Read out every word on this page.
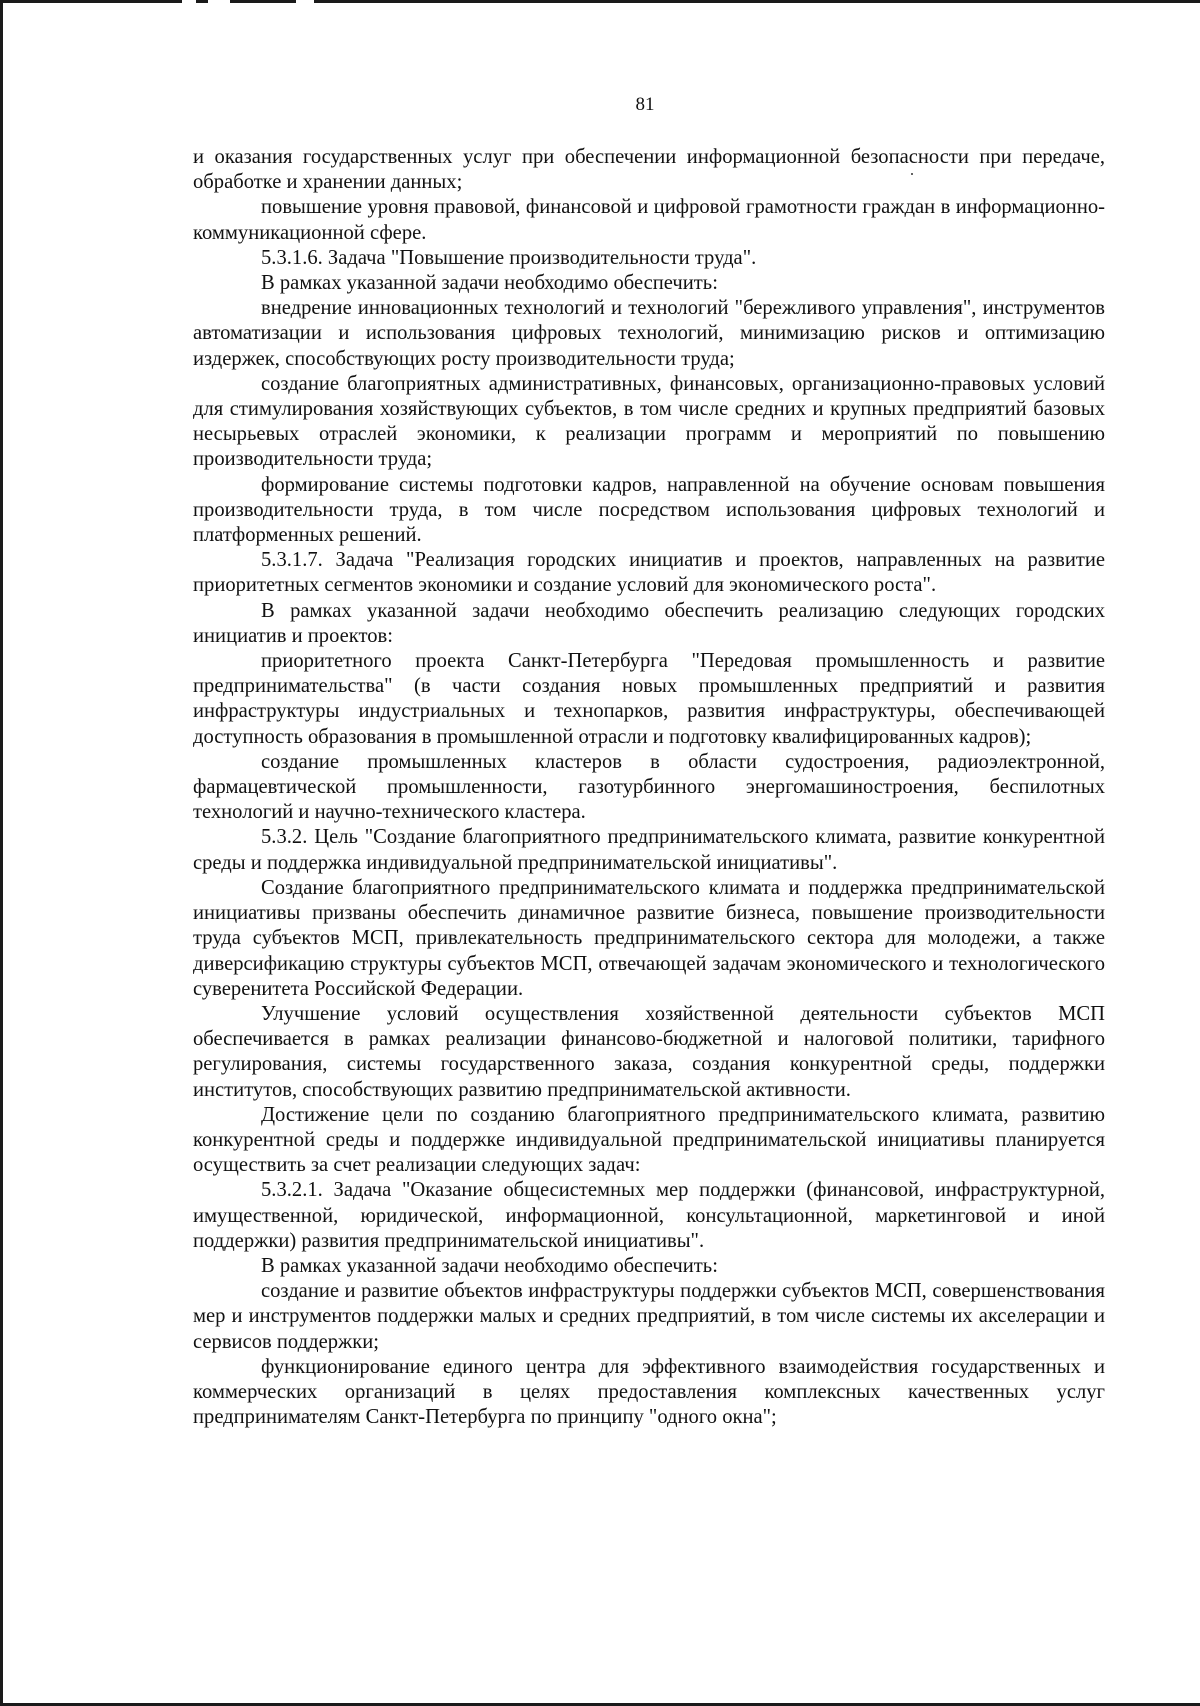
81

и оказания государственных услуг при обеспечении информационной безопасности при передаче, обработке и хранении данных;

повышение уровня правовой, финансовой и цифровой грамотности граждан в информационно-коммуникационной сфере.

5.3.1.6. Задача "Повышение производительности труда".

В рамках указанной задачи необходимо обеспечить:

внедрение инновационных технологий и технологий "бережливого управления", инструментов автоматизации и использования цифровых технологий, минимизацию рисков и оптимизацию издержек, способствующих росту производительности труда;

создание благоприятных административных, финансовых, организационно-правовых условий для стимулирования хозяйствующих субъектов, в том числе средних и крупных предприятий базовых несырьевых отраслей экономики, к реализации программ и мероприятий по повышению производительности труда;

формирование системы подготовки кадров, направленной на обучение основам повышения производительности труда, в том числе посредством использования цифровых технологий и платформенных решений.

5.3.1.7. Задача "Реализация городских инициатив и проектов, направленных на развитие приоритетных сегментов экономики и создание условий для экономического роста".

В рамках указанной задачи необходимо обеспечить реализацию следующих городских инициатив и проектов:

приоритетного проекта Санкт-Петербурга "Передовая промышленность и развитие предпринимательства" (в части создания новых промышленных предприятий и развития инфраструктуры индустриальных и технопарков, развития инфраструктуры, обеспечивающей доступность образования в промышленной отрасли и подготовку квалифицированных кадров);

создание промышленных кластеров в области судостроения, радиоэлектронной, фармацевтической промышленности, газотурбинного энергомашиностроения, беспилотных технологий и научно-технического кластера.

5.3.2. Цель "Создание благоприятного предпринимательского климата, развитие конкурентной среды и поддержка индивидуальной предпринимательской инициативы".

Создание благоприятного предпринимательского климата и поддержка предпринимательской инициативы призваны обеспечить динамичное развитие бизнеса, повышение производительности труда субъектов МСП, привлекательность предпринимательского сектора для молодежи, а также диверсификацию структуры субъектов МСП, отвечающей задачам экономического и технологического суверенитета Российской Федерации.

Улучшение условий осуществления хозяйственной деятельности субъектов МСП обеспечивается в рамках реализации финансово-бюджетной и налоговой политики, тарифного регулирования, системы государственного заказа, создания конкурентной среды, поддержки институтов, способствующих развитию предпринимательской активности.

Достижение цели по созданию благоприятного предпринимательского климата, развитию конкурентной среды и поддержке индивидуальной предпринимательской инициативы планируется осуществить за счет реализации следующих задач:

5.3.2.1. Задача "Оказание общесистемных мер поддержки (финансовой, инфраструктурной, имущественной, юридической, информационной, консультационной, маркетинговой и иной поддержки) развития предпринимательской инициативы".

В рамках указанной задачи необходимо обеспечить:

создание и развитие объектов инфраструктуры поддержки субъектов МСП, совершенствования мер и инструментов поддержки малых и средних предприятий, в том числе системы их акселерации и сервисов поддержки;

функционирование единого центра для эффективного взаимодействия государственных и коммерческих организаций в целях предоставления комплексных качественных услуг предпринимателям Санкт-Петербурга по принципу "одного окна";
